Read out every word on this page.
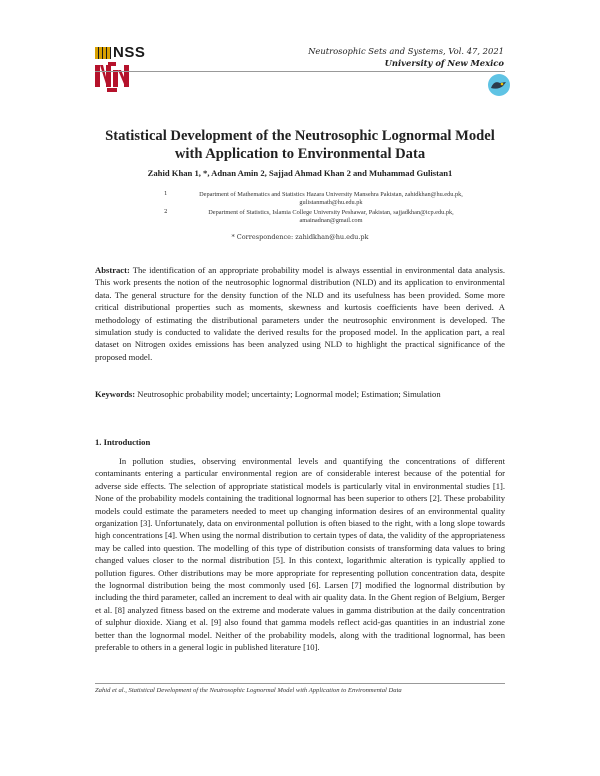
NSS	Neutrosophic Sets and Systems, Vol. 47, 2021
University of New Mexico
Statistical Development of the Neutrosophic Lognormal Model with Application to Environmental Data
Zahid Khan 1, *, Adnan Amin 2, Sajjad Ahmad Khan 2 and Muhammad Gulistan1
1	Department of Mathematics and Statistics Hazara University Mansehra Pakistan, zahidkhan@hu.edu.pk,
gulistanmath@hu.edu.pk
2	Department of Statistics, Islamia College University Peshawar, Pakistan, sajjadkhan@icp.edu.pk,
amainadnan@gmail.com
* Correspondence: zahidkhan@hu.edu.pk
Abstract: The identification of an appropriate probability model is always essential in environmental data analysis. This work presents the notion of the neutrosophic lognormal distribution (NLD) and its application to environmental data. The general structure for the density function of the NLD and its usefulness has been provided. Some more critical distributional properties such as moments, skewness and kurtosis coefficients have been derived. A methodology of estimating the distributional parameters under the neutrosophic environment is developed. The simulation study is conducted to validate the derived results for the proposed model. In the application part, a real dataset on Nitrogen oxides emissions has been analyzed using NLD to highlight the practical significance of the proposed model.
Keywords: Neutrosophic probability model; uncertainty; Lognormal model; Estimation; Simulation
1. Introduction
In pollution studies, observing environmental levels and quantifying the concentrations of different contaminants entering a particular environmental region are of considerable interest because of the potential for adverse side effects. The selection of appropriate statistical models is particularly vital in environmental studies [1]. None of the probability models containing the traditional lognormal has been superior to others [2]. These probability models could estimate the parameters needed to meet up changing information desires of an environmental quality organization [3]. Unfortunately, data on environmental pollution is often biased to the right, with a long slope towards high concentrations [4]. When using the normal distribution to certain types of data, the validity of the appropriateness may be called into question. The modelling of this type of distribution consists of transforming data values to bring changed values closer to the normal distribution [5]. In this context, logarithmic alteration is typically applied to pollution figures. Other distributions may be more appropriate for representing pollution concentration data, despite the lognormal distribution being the most commonly used [6]. Larsen [7] modified the lognormal distribution by including the third parameter, called an increment to deal with air quality data. In the Ghent region of Belgium, Berger et al. [8] analyzed fitness based on the extreme and moderate values in gamma distribution at the daily concentration of sulphur dioxide. Xiang et al. [9] also found that gamma models reflect acid-gas quantities in an industrial zone better than the lognormal model. Neither of the probability models, along with the traditional lognormal, has been preferable to others in a general logic in published literature [10].
Zahid et al., Statistical Development of the Neutrosophic Lognormal Model with Application to Environmental Data
